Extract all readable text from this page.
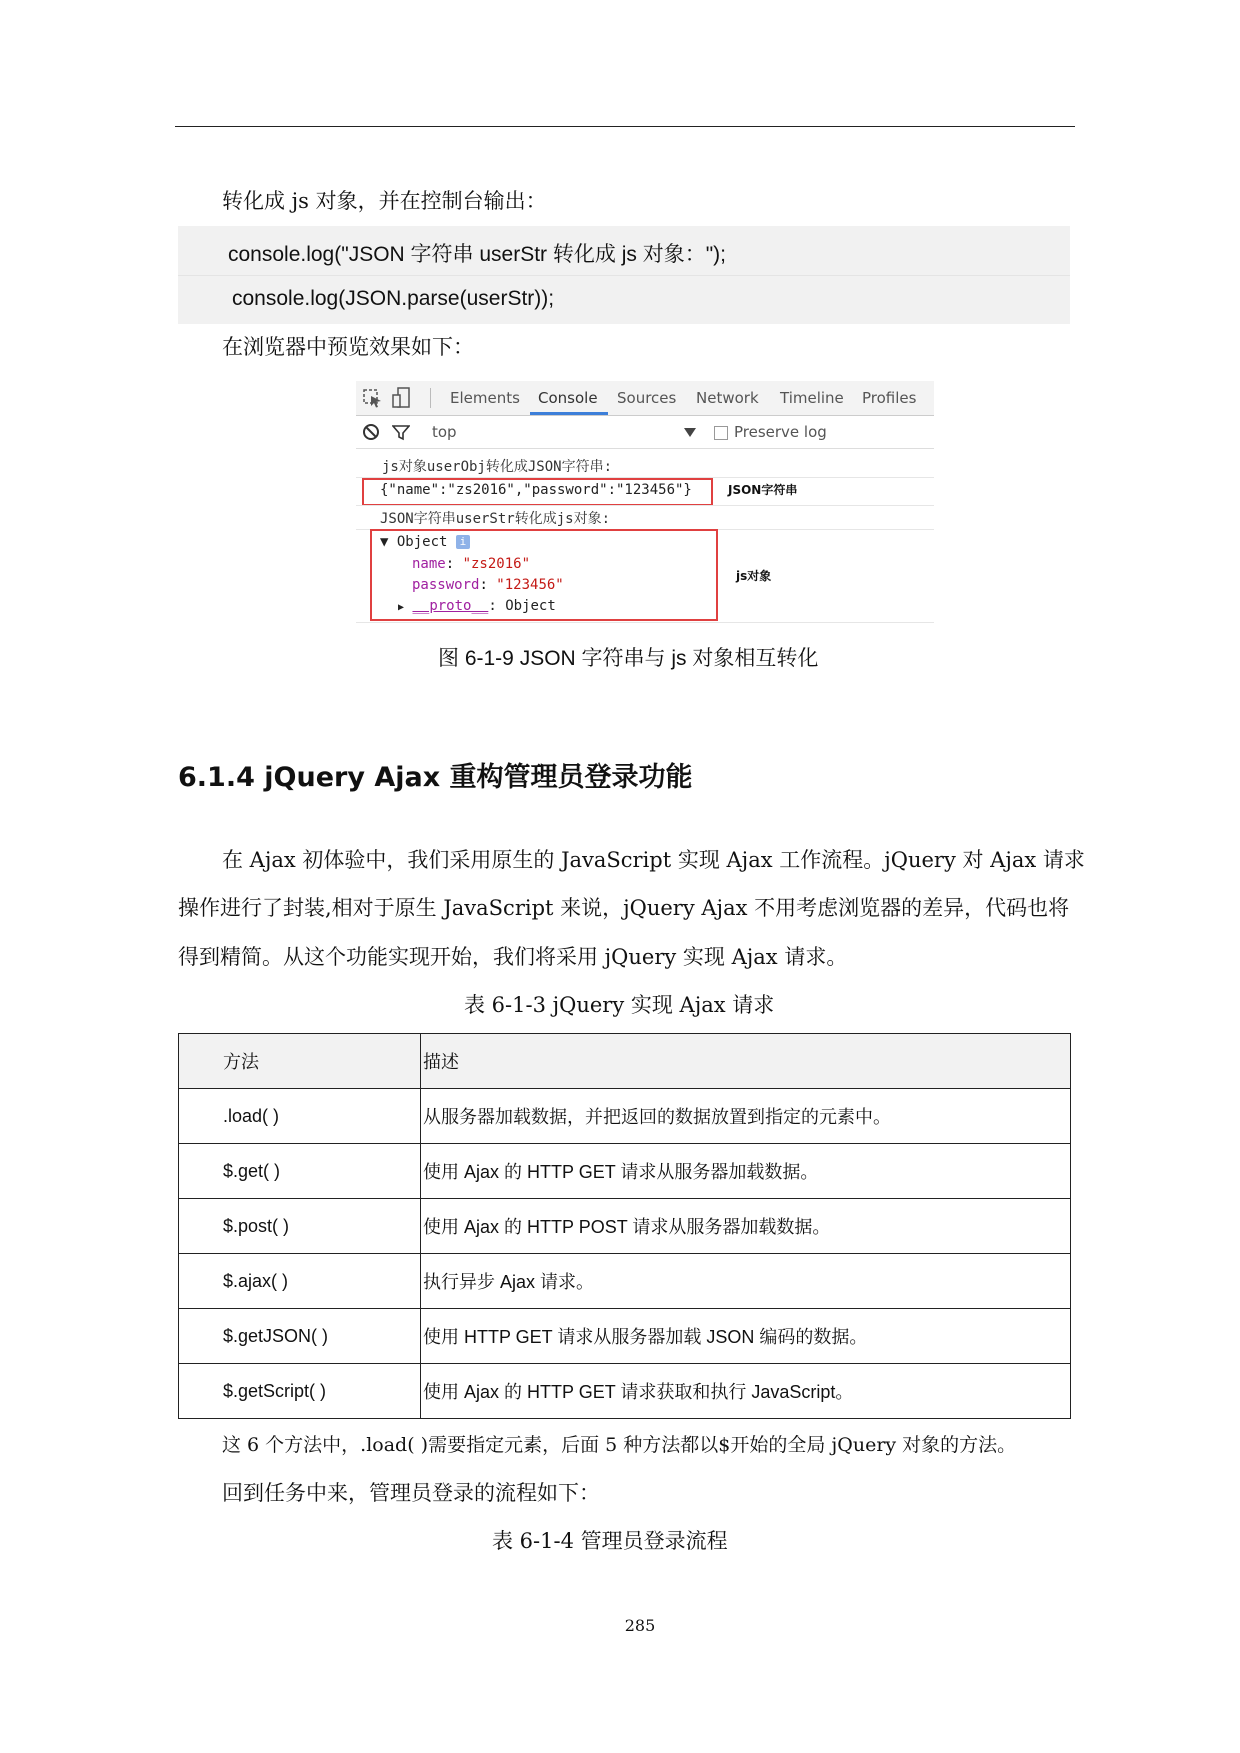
转化成 js 对象，并在控制台输出：
console.log("JSON 字符串 userStr 转化成 js 对象：");
console.log(JSON.parse(userStr));
在浏览器中预览效果如下：
Elements Console Sources Network Timeline Profiles
top	Preserve log
js对象userObj转化成JSON字符串:
{"name":"zs2016","password":"123456"}	JSON字符串
JSON字符串userStr转化成js对象:
▼ Object i
name: "zs2016"
password: "123456"
▶ __proto__: Object
js对象
图 6-1-9 JSON 字符串与 js 对象相互转化
6.1.4 jQuery Ajax 重构管理员登录功能
在 Ajax 初体验中，我们采用原生的 JavaScript 实现 Ajax 工作流程。jQuery 对 Ajax 请求
操作进行了封装,相对于原生 JavaScript 来说，jQuery Ajax 不用考虑浏览器的差异，代码也将
得到精简。从这个功能实现开始，我们将采用 jQuery 实现 Ajax 请求。
表 6-1-3 jQuery 实现 Ajax 请求
方法	描述
.load( )	从服务器加载数据，并把返回的数据放置到指定的元素中。
$.get( )	使用 Ajax 的 HTTP GET 请求从服务器加载数据。
$.post( )	使用 Ajax 的 HTTP POST 请求从服务器加载数据。
$.ajax( )	执行异步 Ajax 请求。
$.getJSON( )	使用 HTTP GET 请求从服务器加载 JSON 编码的数据。
$.getScript( )	使用 Ajax 的 HTTP GET 请求获取和执行 JavaScript。
这 6 个方法中，.load( )需要指定元素，后面 5 种方法都以$开始的全局 jQuery 对象的方法。
回到任务中来，管理员登录的流程如下：
表 6-1-4 管理员登录流程
285
